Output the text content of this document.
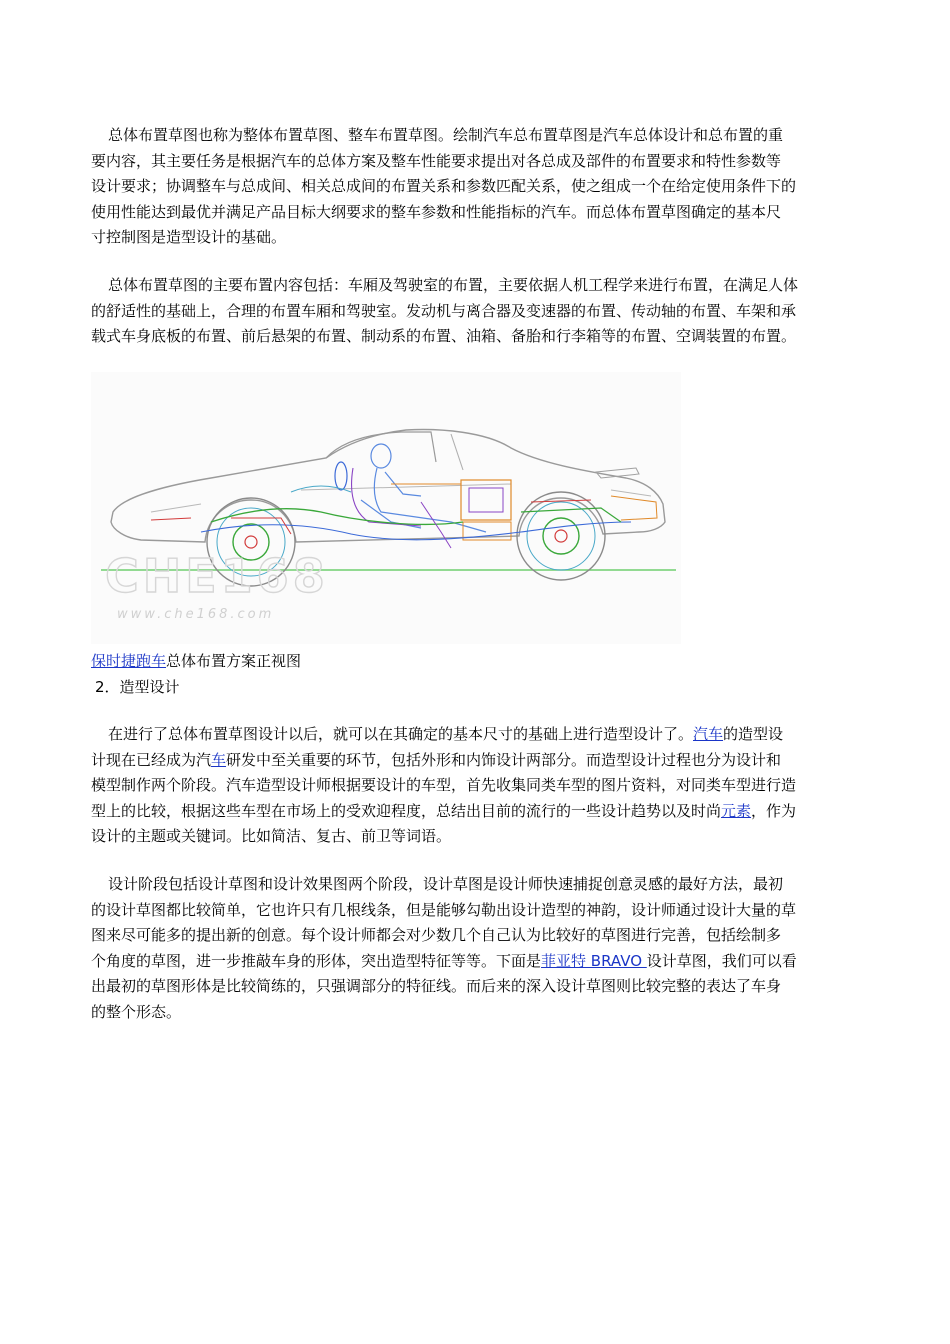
总体布置草图也称为整体布置草图、整车布置草图。绘制汽车总布置草图是汽车总体设计和总布置的重
要内容，其主要任务是根据汽车的总体方案及整车性能要求提出对各总成及部件的布置要求和特性参数等
设计要求；协调整车与总成间、相关总成间的布置关系和参数匹配关系，使之组成一个在给定使用条件下的
使用性能达到最优并满足产品目标大纲要求的整车参数和性能指标的汽车。而总体布置草图确定的基本尺
寸控制图是造型设计的基础。
总体布置草图的主要布置内容包括：车厢及驾驶室的布置，主要依据人机工程学来进行布置，在满足人体
的舒适性的基础上，合理的布置车厢和驾驶室。发动机与离合器及变速器的布置、传动轴的布置、车架和承
载式车身底板的布置、前后悬架的布置、制动系的布置、油箱、备胎和行李箱等的布置、空调装置的布置。
CHE168
www.che168.com
保时捷跑车总体布置方案正视图
2．造型设计
在进行了总体布置草图设计以后，就可以在其确定的基本尺寸的基础上进行造型设计了。汽车的造型设
计现在已经成为汽车研发中至关重要的环节，包括外形和内饰设计两部分。而造型设计过程也分为设计和
模型制作两个阶段。汽车造型设计师根据要设计的车型，首先收集同类车型的图片资料，对同类车型进行造
型上的比较，根据这些车型在市场上的受欢迎程度，总结出目前的流行的一些设计趋势以及时尚元素，作为
设计的主题或关键词。比如简洁、复古、前卫等词语。
设计阶段包括设计草图和设计效果图两个阶段，设计草图是设计师快速捕捉创意灵感的最好方法，最初
的设计草图都比较简单，它也许只有几根线条，但是能够勾勒出设计造型的神韵，设计师通过设计大量的草
图来尽可能多的提出新的创意。每个设计师都会对少数几个自己认为比较好的草图进行完善，包括绘制多
个角度的草图，进一步推敲车身的形体，突出造型特征等等。下面是菲亚特 BRAVO 设计草图，我们可以看
出最初的草图形体是比较简练的，只强调部分的特征线。而后来的深入设计草图则比较完整的表达了车身
的整个形态。
